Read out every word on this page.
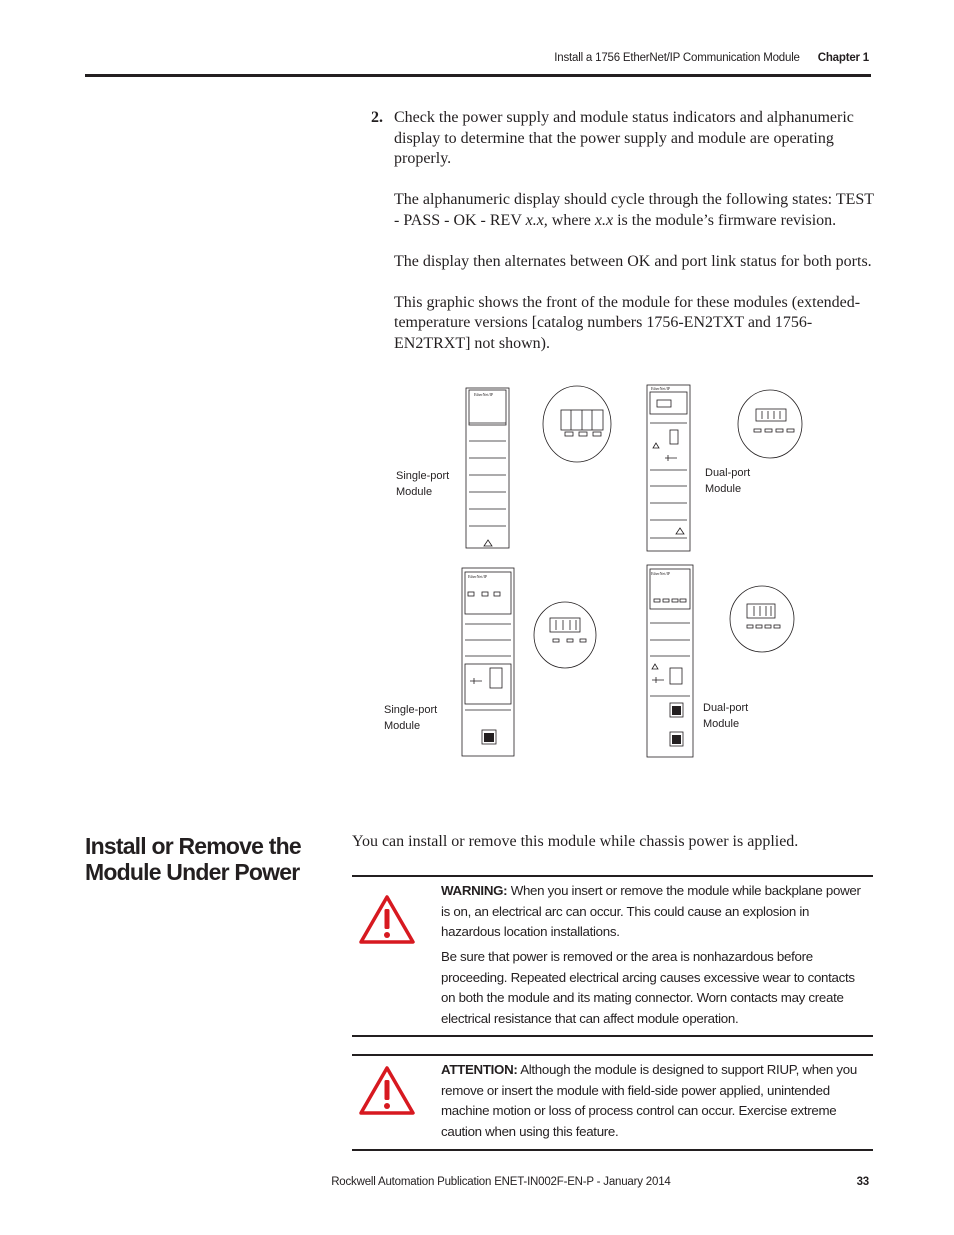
Install a 1756 EtherNet/IP Communication Module Chapter 1
2. Check the power supply and module status indicators and alphanumeric display to determine that the power supply and module are operating properly.

The alphanumeric display should cycle through the following states: TEST - PASS - OK - REV x.x, where x.x is the module’s firmware revision.

The display then alternates between OK and port link status for both ports.

This graphic shows the front of the module for these modules (extended-temperature versions [catalog numbers 1756-EN2TXT and 1756-EN2TRXT] not shown).

EtherNet/IP
EtherNet/IP
EtherNet/IP
EtherNet/IP
Single-port
Module
Dual-port
Module
Single-port
Module
Dual-port
Module
Install or Remove the Module Under Power
You can install or remove this module while chassis power is applied.

WARNING: When you insert or remove the module while backplane power is on, an electrical arc can occur. This could cause an explosion in hazardous location installations.

Be sure that power is removed or the area is nonhazardous before proceeding. Repeated electrical arcing causes excessive wear to contacts on both the module and its mating connector. Worn contacts may create electrical resistance that can affect module operation.

ATTENTION: Although the module is designed to support RIUP, when you remove or insert the module with field-side power applied, unintended machine motion or loss of process control can occur. Exercise extreme caution when using this feature.

Rockwell Automation Publication ENET-IN002F-EN-P - January 2014	33
